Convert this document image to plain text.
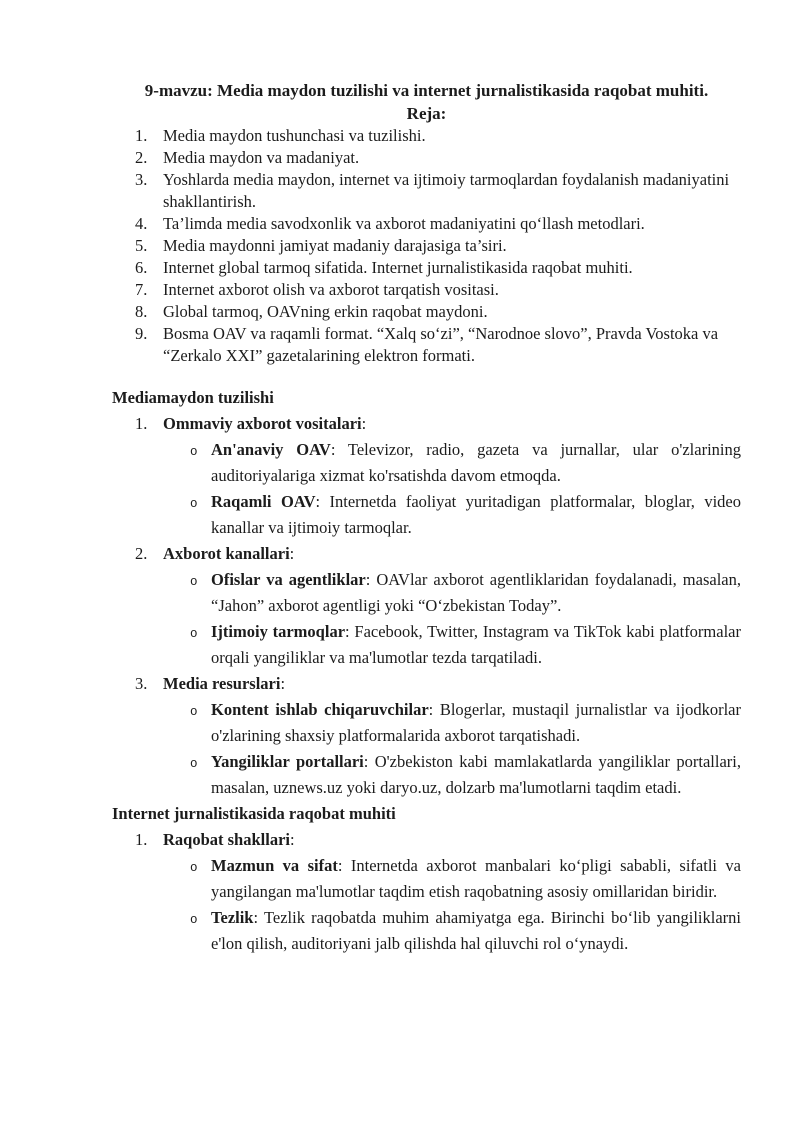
9-mavzu: Media maydon tuzilishi va internet jurnalistikasida raqobat muhiti.
Reja:
1. Media maydon tushunchasi va tuzilishi.
2. Media maydon va madaniyat.
3. Yoshlarda media maydon, internet va ijtimoiy tarmoqlardan foydalanish madaniyatini shakllantirish.
4. Ta’limda media savodxonlik va axborot madaniyatini qo‘llash metodlari.
5. Media maydonni jamiyat madaniy darajasiga ta’siri.
6. Internet global tarmoq sifatida. Internet jurnalistikasida raqobat muhiti.
7. Internet axborot olish va axborot tarqatish vositasi.
8. Global tarmoq, OAVning erkin raqobat maydoni.
9. Bosma OAV va raqamli format. “Xalq so‘zi”, “Narodnoe slovo”, Pravda Vostoka va “Zerkalo XXI” gazetalarining elektron formati.
Mediamaydon tuzilishi
1. Ommaviy axborot vositalari:
o An'anaviy OAV: Televizor, radio, gazeta va jurnallar, ular o'zlarining auditoriyalariga xizmat ko'rsatishda davom etmoqda.
o Raqamli OAV: Internetda faoliyat yuritadigan platformalar, bloglar, video kanallar va ijtimoiy tarmoqlar.
2. Axborot kanallari:
o Ofislar va agentliklar: OAVlar axborot agentliklaridan foydalanadi, masalan, “Jahon” axborot agentligi yoki “O‘zbekistan Today”.
o Ijtimoiy tarmoqlar: Facebook, Twitter, Instagram va TikTok kabi platformalar orqali yangiliklar va ma'lumotlar tezda tarqatiladi.
3. Media resurslari:
o Kontent ishlab chiqaruvchilar: Blogerlar, mustaqil jurnalistlar va ijodkorlar o'zlarining shaxsiy platformalarida axborot tarqatishadi.
o Yangiliklar portallari: O'zbekiston kabi mamlakatlarda yangiliklar portallari, masalan, uznews.uz yoki daryo.uz, dolzarb ma'lumotlarni taqdim etadi.
Internet jurnalistikasida raqobat muhiti
1. Raqobat shakllari:
o Mazmun va sifat: Internetda axborot manbalari ko‘pligi sababli, sifatli va yangilangan ma'lumotlar taqdim etish raqobatning asosiy omillaridan biridir.
o Tezlik: Tezlik raqobatda muhim ahamiyatga ega. Birinchi bo‘lib yangiliklarni e'lon qilish, auditoriyani jalb qilishda hal qiluvchi rol o‘ynaydi.
